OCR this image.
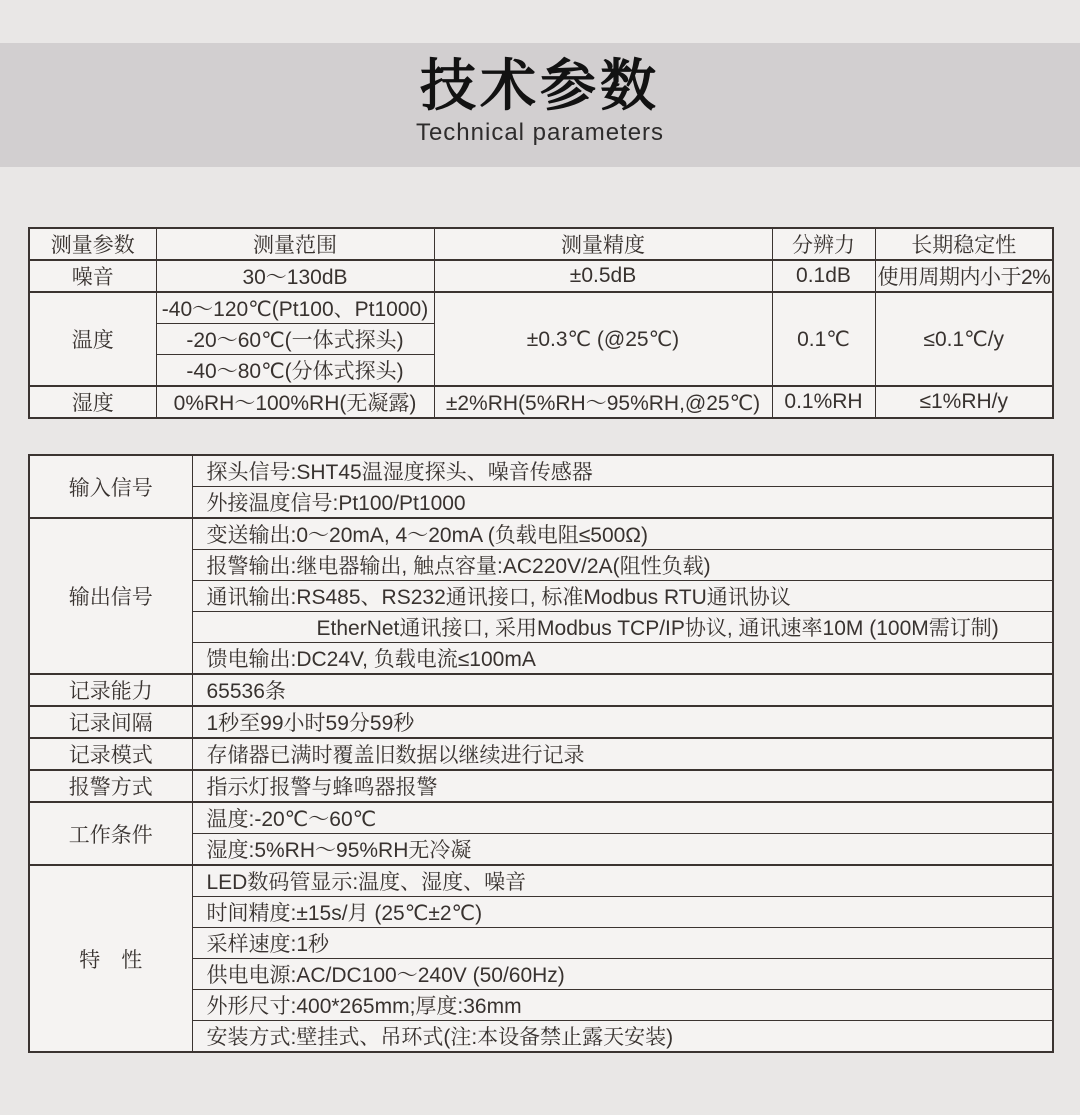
技术参数
Technical parameters
测量参数	测量范围	测量精度	分辨力	长期稳定性
噪音	30～130dB	±0.5dB	0.1dB	使用周期内小于2%
温度	-40～120℃(Pt100、Pt1000)	±0.3℃ (@25℃)	0.1℃	≤0.1℃/y
	-20～60℃(一体式探头)			
	-40～80℃(分体式探头)			
湿度	0%RH～100%RH(无凝露)	±2%RH(5%RH～95%RH,@25℃)	0.1%RH	≤1%RH/y
输入信号	探头信号:SHT45温湿度探头、噪音传感器
	外接温度信号:Pt100/Pt1000
输出信号	变送输出:0～20mA, 4～20mA (负载电阻≤500Ω)
	报警输出:继电器输出, 触点容量:AC220V/2A(阻性负载)
	通讯输出:RS485、RS232通讯接口, 标准Modbus RTU通讯协议
	EtherNet通讯接口, 采用Modbus TCP/IP协议, 通讯速率10M (100M需订制)
	馈电输出:DC24V, 负载电流≤100mA
记录能力	65536条
记录间隔	1秒至99小时59分59秒
记录模式	存储器已满时覆盖旧数据以继续进行记录
报警方式	指示灯报警与蜂鸣器报警
工作条件	温度:-20℃～60℃
	湿度:5%RH～95%RH无冷凝
特　性	LED数码管显示:温度、湿度、噪音
	时间精度:±15s/月 (25℃±2℃)
	采样速度:1秒
	供电电源:AC/DC100～240V (50/60Hz)
	外形尺寸:400*265mm;厚度:36mm
	安装方式:壁挂式、吊环式(注:本设备禁止露天安装)
